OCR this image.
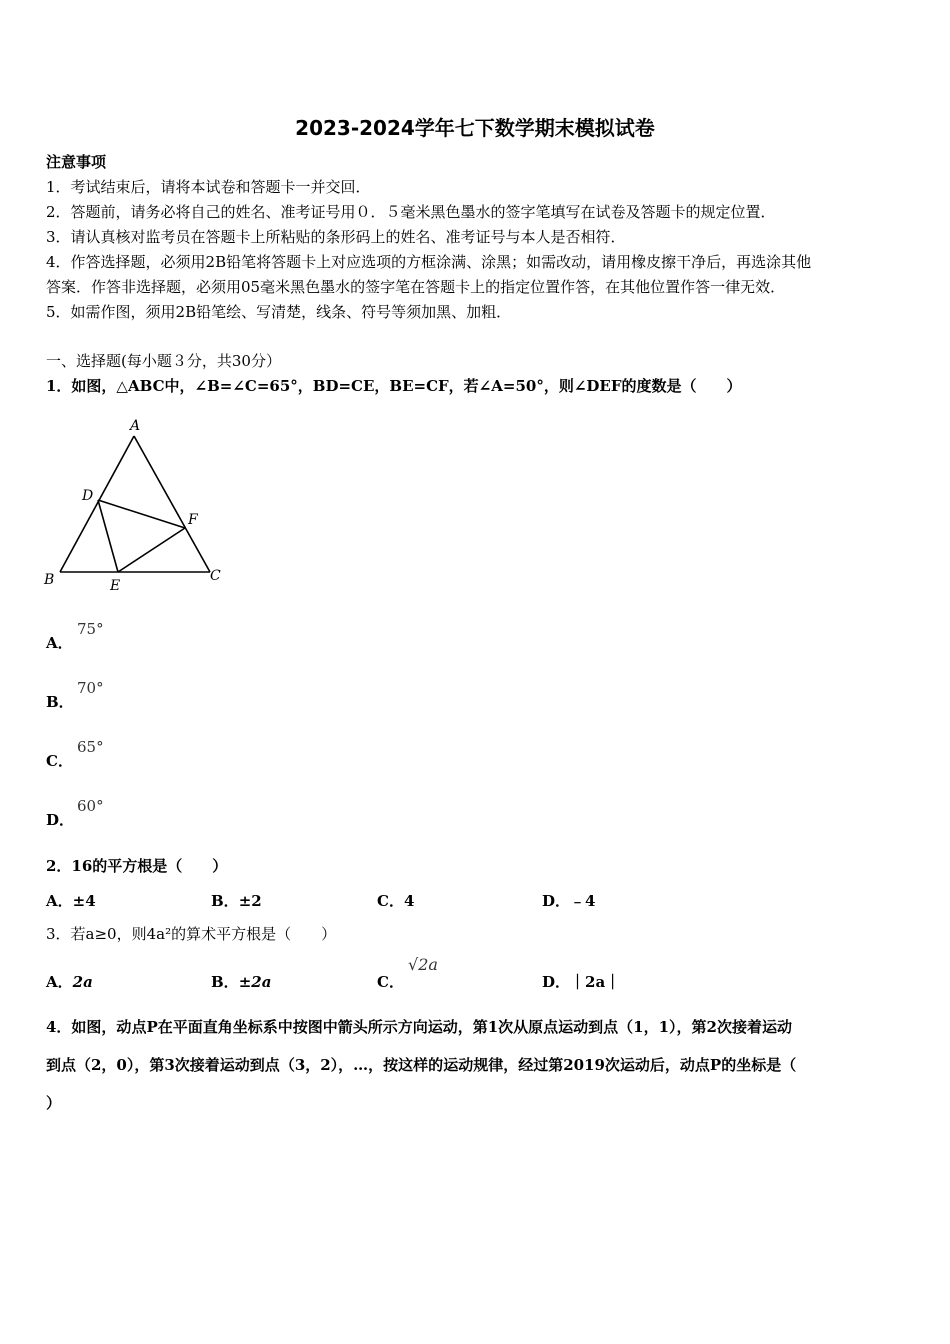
2023-2024学年七下数学期末模拟试卷
注意事项
1．考试结束后，请将本试卷和答题卡一并交回．
2．答题前，请务必将自己的姓名、准考证号用０．５毫米黑色墨水的签字笔填写在试卷及答题卡的规定位置．
3．请认真核对监考员在答题卡上所粘贴的条形码上的姓名、准考证号与本人是否相符．
4．作答选择题，必须用2B铅笔将答题卡上对应选项的方框涂满、涂黑；如需改动，请用橡皮擦干净后，再选涂其他
答案．作答非选择题，必须用05毫米黑色墨水的签字笔在答题卡上的指定位置作答，在其他位置作答一律无效．
5．如需作图，须用2B铅笔绘、写清楚，线条、符号等须加黑、加粗．
一、选择题(每小题３分，共30分）
1．如图，△ABC中，∠B=∠C=65°，BD=CE，BE=CF，若∠A=50°，则∠DEF的度数是（　　）
A
D
F
B	E
C
A．
75°
B．
70°
C．
65°
D．
60°
2．16的平方根是（　　）
A．±4	B．±2	C．4	D．﹣4
3．若a≥0，则4a²的算术平方根是（　　）
A．2a	B．±2a	C．
√2a
D．｜2a｜
4．如图，动点P在平面直角坐标系中按图中箭头所示方向运动，第1次从原点运动到点（1，1），第2次接着运动
到点（2，0），第3次接着运动到点（3，2），…，按这样的运动规律，经过第2019次运动后，动点P的坐标是（
）
